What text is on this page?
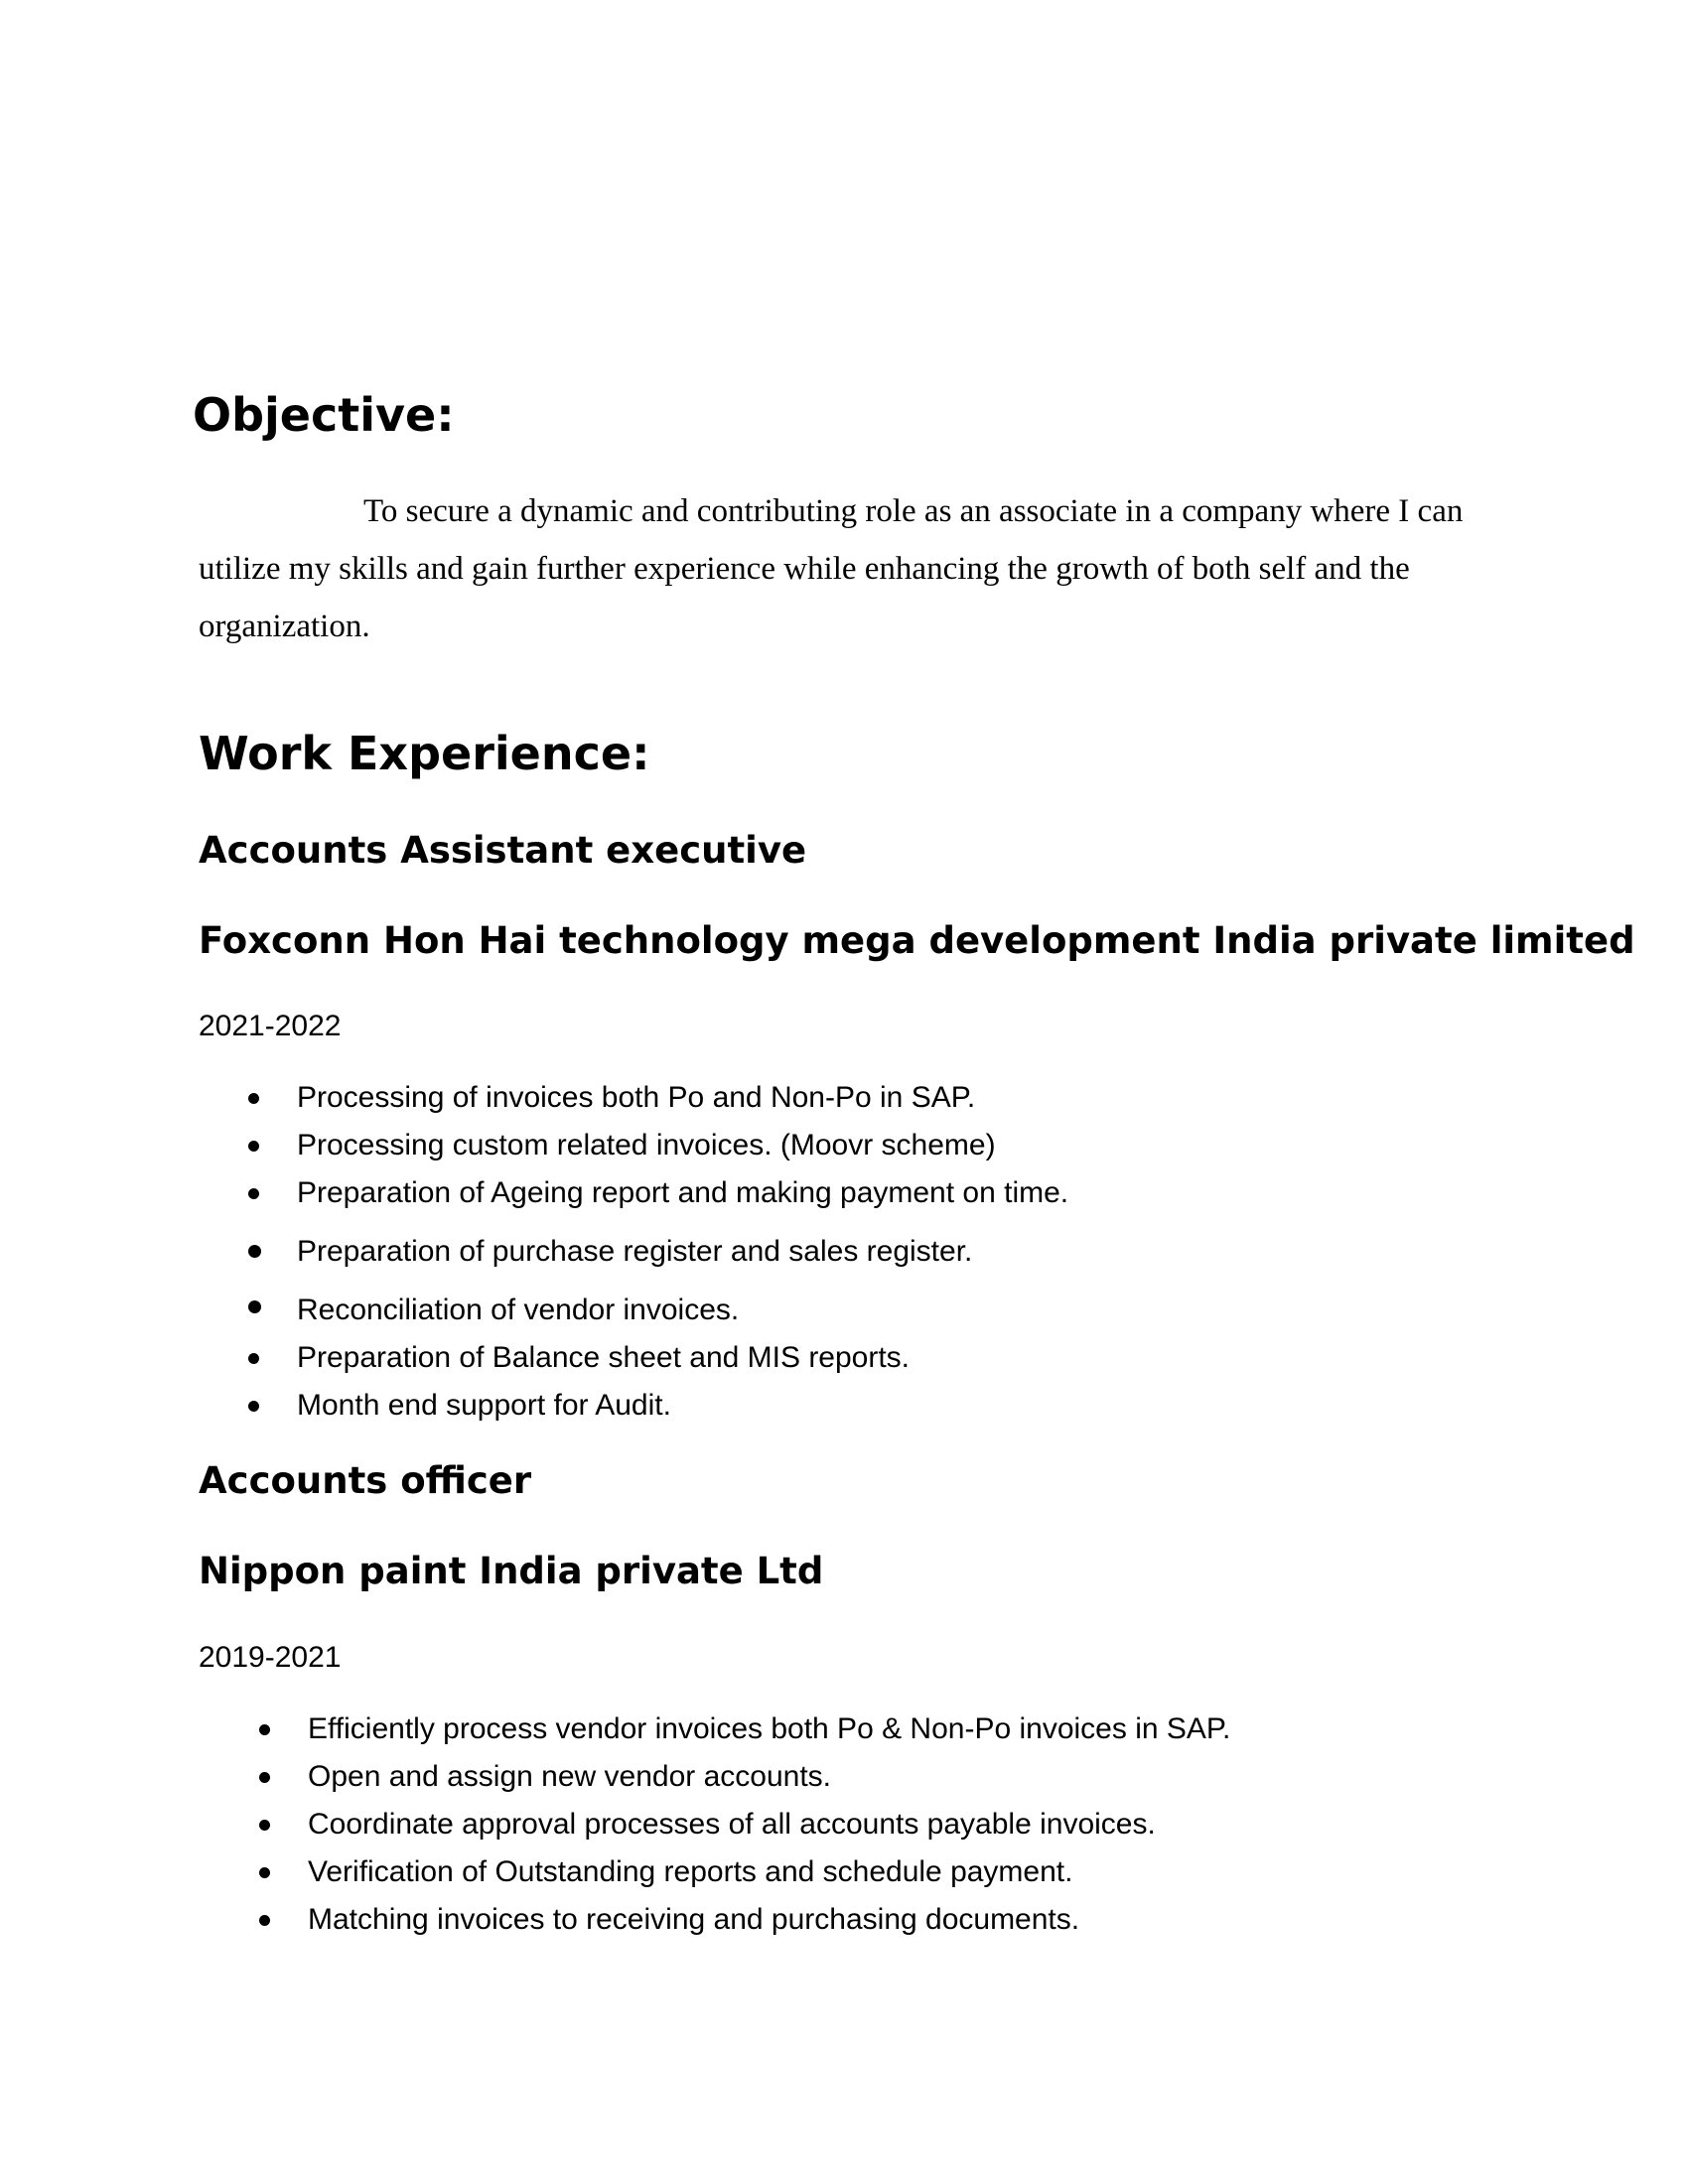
Objective:

To secure a dynamic and contributing role as an associate in a company where I can utilize my skills and gain further experience while enhancing the growth of both self and the organization.

Work Experience:
Accounts Assistant executive
Foxconn Hon Hai technology mega development India private limited

2021-2022

Processing of invoices both Po and Non-Po in SAP.
Processing custom related invoices. (Moovr scheme)
Preparation of Ageing report and making payment on time.
Preparation of purchase register and sales register.
Reconciliation of vendor invoices.
Preparation of Balance sheet and MIS reports.
Month end support for Audit.
Accounts officer
Nippon paint India private Ltd

2019-2021

Efficiently process vendor invoices both Po & Non-Po invoices in SAP.
Open and assign new vendor accounts.
Coordinate approval processes of all accounts payable invoices.
Verification of Outstanding reports and schedule payment.
Matching invoices to receiving and purchasing documents.
